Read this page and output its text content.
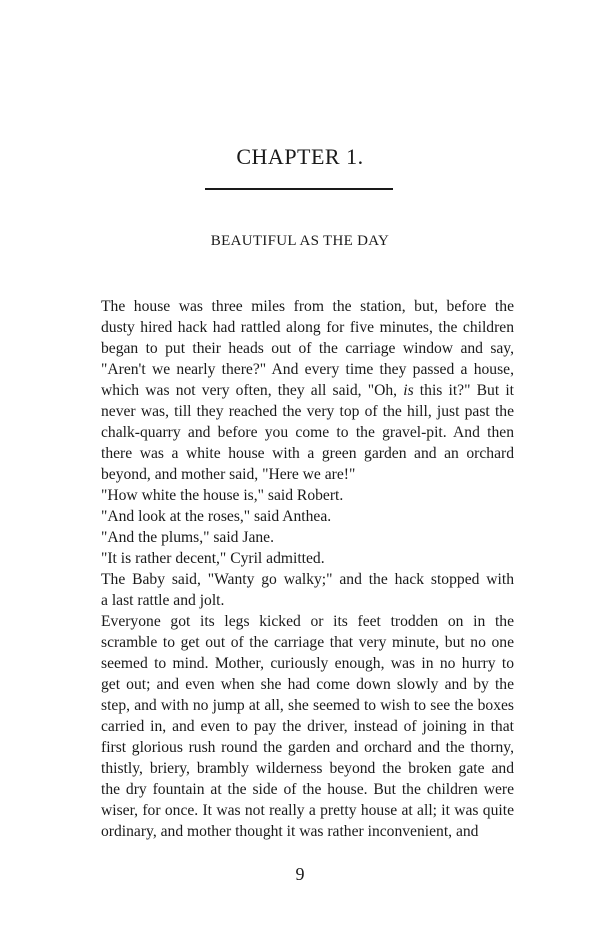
CHAPTER 1.
BEAUTIFUL AS THE DAY

The house was three miles from the station, but, before the
dusty hired hack had rattled along for five minutes, the children
began to put their heads out of the carriage window and say,
"Aren't we nearly there?" And every time they passed a house,
which was not very often, they all said, "Oh, is this it?" But it
never was, till they reached the very top of the hill, just past the
chalk-quarry and before you come to the gravel-pit. And then
there was a white house with a green garden and an orchard
beyond, and mother said, "Here we are!"

"How white the house is," said Robert.

"And look at the roses," said Anthea.

"And the plums," said Jane.

"It is rather decent," Cyril admitted.

The Baby said, "Wanty go walky;" and the hack stopped with
a last rattle and jolt.

Everyone got its legs kicked or its feet trodden on in the
scramble to get out of the carriage that very minute, but no one
seemed to mind. Mother, curiously enough, was in no hurry to
get out; and even when she had come down slowly and by the
step, and with no jump at all, she seemed to wish to see the boxes
carried in, and even to pay the driver, instead of joining in that
first glorious rush round the garden and orchard and the thorny,
thistly, briery, brambly wilderness beyond the broken gate and
the dry fountain at the side of the house. But the children were
wiser, for once. It was not really a pretty house at all; it was quite
ordinary, and mother thought it was rather inconvenient, and

9
